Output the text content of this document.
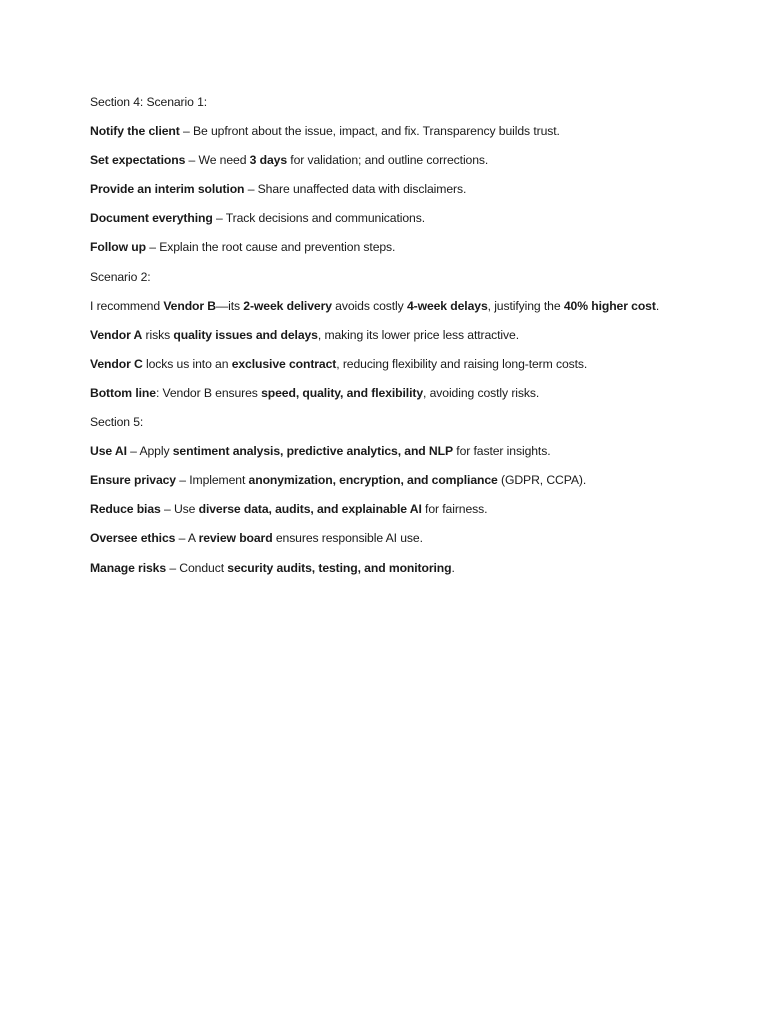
Section 4: Scenario 1:
Notify the client – Be upfront about the issue, impact, and fix. Transparency builds trust.
Set expectations – We need 3 days for validation; and outline corrections.
Provide an interim solution – Share unaffected data with disclaimers.
Document everything – Track decisions and communications.
Follow up – Explain the root cause and prevention steps.
Scenario 2:
I recommend Vendor B—its 2-week delivery avoids costly 4-week delays, justifying the 40% higher cost.
Vendor A risks quality issues and delays, making its lower price less attractive.
Vendor C locks us into an exclusive contract, reducing flexibility and raising long-term costs.
Bottom line: Vendor B ensures speed, quality, and flexibility, avoiding costly risks.
Section 5:
Use AI – Apply sentiment analysis, predictive analytics, and NLP for faster insights.
Ensure privacy – Implement anonymization, encryption, and compliance (GDPR, CCPA).
Reduce bias – Use diverse data, audits, and explainable AI for fairness.
Oversee ethics – A review board ensures responsible AI use.
Manage risks – Conduct security audits, testing, and monitoring.
